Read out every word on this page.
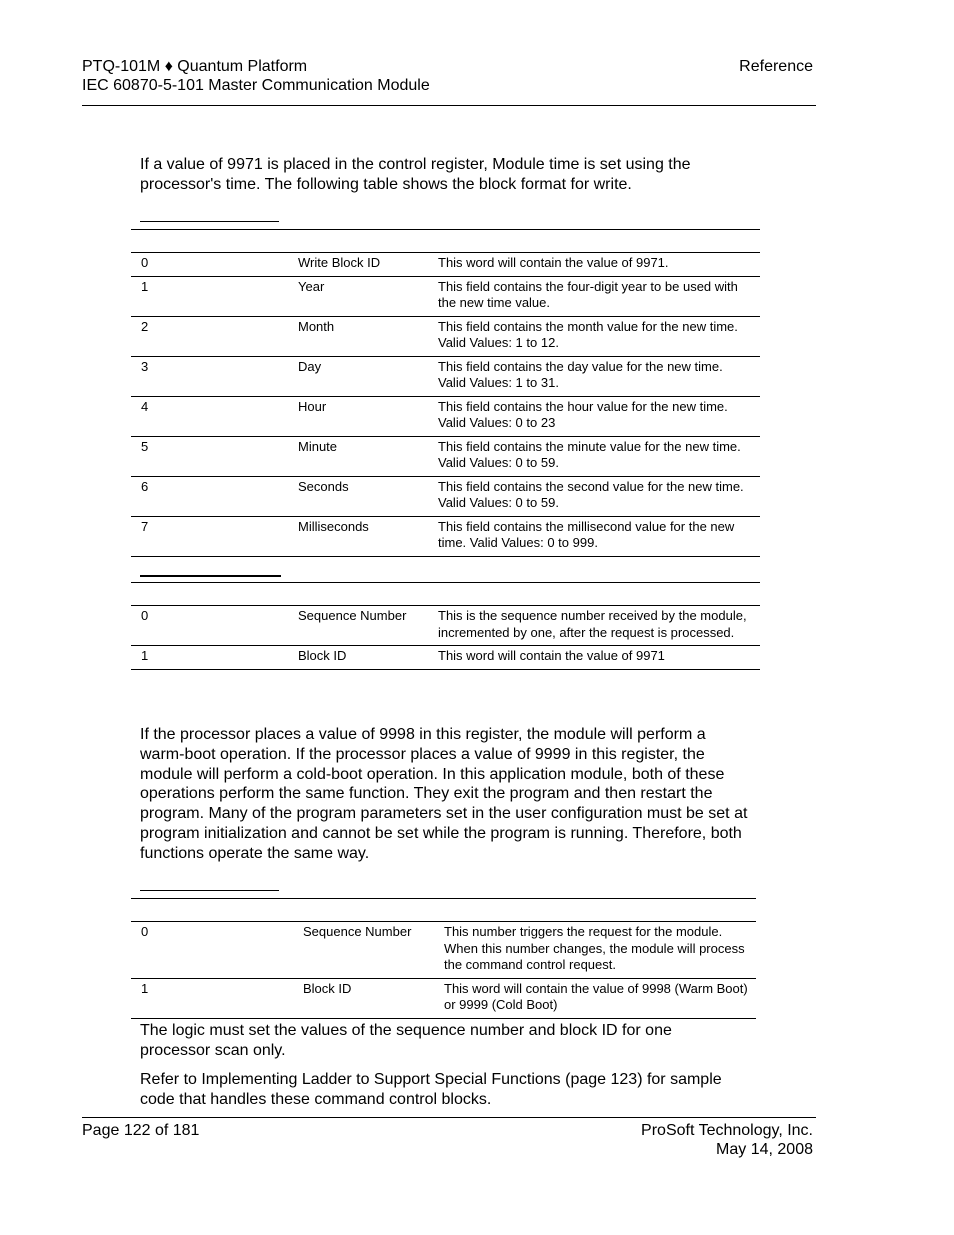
PTQ-101M ♦ Quantum Platform
IEC 60870-5-101 Master Communication Module
Reference
If a value of 9971 is placed in the control register, Module time is set using the processor's time. The following table shows the block format for write.

0	Write Block ID	This word will contain the value of 9971.
1	Year	This field contains the four-digit year to be used with the new time value.
2	Month	This field contains the month value for the new time. Valid Values: 1 to 12.
3	Day	This field contains the day value for the new time. Valid Values: 1 to 31.
4	Hour	This field contains the hour value for the new time. Valid Values: 0 to 23
5	Minute	This field contains the minute value for the new time. Valid Values: 0 to 59.
6	Seconds	This field contains the second value for the new time. Valid Values: 0 to 59.
7	Milliseconds	This field contains the millisecond value for the new time. Valid Values: 0 to 999.

0	Sequence Number	This is the sequence number received by the module, incremented by one, after the request is processed.
1	Block ID	This word will contain the value of 9971
If the processor places a value of 9998 in this register, the module will perform a warm-boot operation. If the processor places a value of 9999 in this register, the module will perform a cold-boot operation. In this application module, both of these operations perform the same function. They exit the program and then restart the program. Many of the program parameters set in the user configuration must be set at program initialization and cannot be set while the program is running. Therefore, both functions operate the same way.

0	Sequence Number	This number triggers the request for the module. When this number changes, the module will process the command control request.
1	Block ID	This word will contain the value of 9998 (Warm Boot) or 9999 (Cold Boot)
The logic must set the values of the sequence number and block ID for one processor scan only.
Refer to Implementing Ladder to Support Special Functions (page 123) for sample code that handles these command control blocks.
Page 122 of 181	ProSoft Technology, Inc.
May 14, 2008
